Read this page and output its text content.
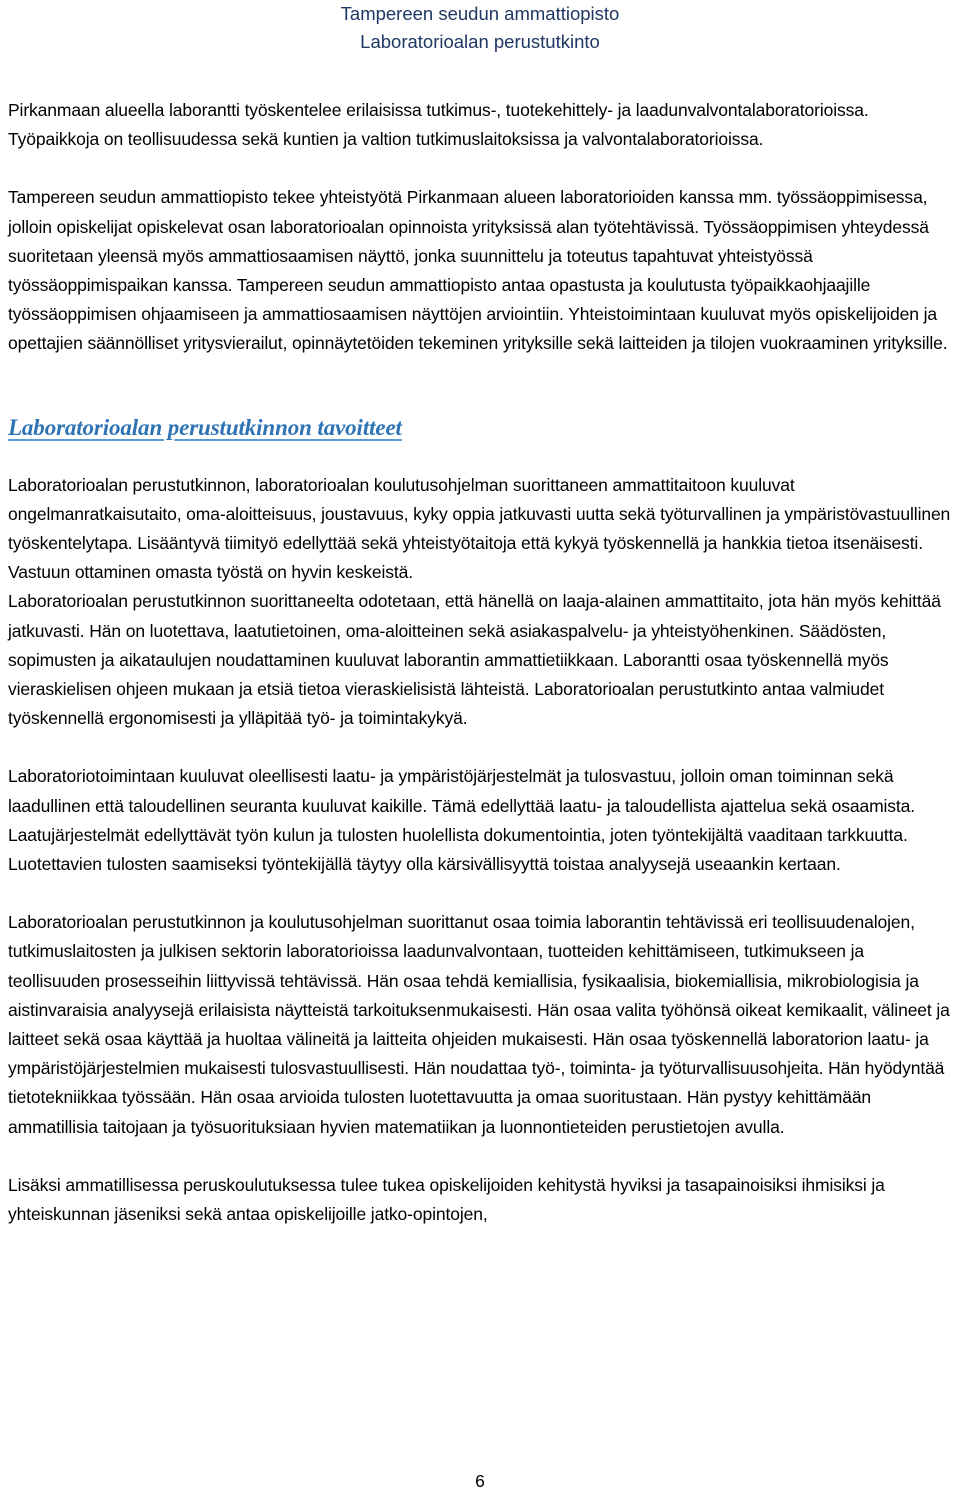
Tampereen seudun ammattiopisto
Laboratorioalan perustutkinto

Pirkanmaan alueella laborantti työskentelee erilaisissa tutkimus-, tuotekehittely- ja laadunvalvontalaboratorioissa. Työpaikkoja on teollisuudessa sekä kuntien ja valtion tutkimuslaitoksissa ja valvontalaboratorioissa.

Tampereen seudun ammattiopisto tekee yhteistyötä Pirkanmaan alueen laboratorioiden kanssa mm. työssäoppimisessa, jolloin opiskelijat opiskelevat osan laboratorioalan opinnoista yrityksissä alan työtehtävissä. Työssäoppimisen yhteydessä suoritetaan yleensä myös ammattiosaamisen näyttö, jonka suunnittelu ja toteutus tapahtuvat yhteistyössä työssäoppimispaikan kanssa. Tampereen seudun ammattiopisto antaa opastusta ja koulutusta työpaikkaohjaajille työssäoppimisen ohjaamiseen ja ammattiosaamisen näyttöjen arviointiin. Yhteistoimintaan kuuluvat myös opiskelijoiden ja opettajien säännölliset yritysvierailut, opinnäytetöiden tekeminen yrityksille sekä laitteiden ja tilojen vuokraaminen yrityksille.

Laboratorioalan perustutkinnon tavoitteet

Laboratorioalan perustutkinnon, laboratorioalan koulutusohjelman suorittaneen ammattitaitoon kuuluvat ongelmanratkaisutaito, oma-aloitteisuus, joustavuus, kyky oppia jatkuvasti uutta sekä työturvallinen ja ympäristövastuullinen työskentelytapa. Lisääntyvä tiimityö edellyttää sekä yhteistyötaitoja että kykyä työskennellä ja hankkia tietoa itsenäisesti. Vastuun ottaminen omasta työstä on hyvin keskeistä.

Laboratorioalan perustutkinnon suorittaneelta odotetaan, että hänellä on laaja-alainen ammattitaito, jota hän myös kehittää jatkuvasti. Hän on luotettava, laatutietoinen, oma-aloitteinen sekä asiakaspalvelu- ja yhteistyöhenkinen. Säädösten, sopimusten ja aikataulujen noudattaminen kuuluvat laborantin ammattietiikkaan. Laborantti osaa työskennellä myös vieraskielisen ohjeen mukaan ja etsiä tietoa vieraskielisistä lähteistä. Laboratorioalan perustutkinto antaa valmiudet työskennellä ergonomisesti ja ylläpitää työ- ja toimintakykyä.

Laboratoriotoimintaan kuuluvat oleellisesti laatu- ja ympäristöjärjestelmät ja tulosvastuu, jolloin oman toiminnan sekä laadullinen että taloudellinen seuranta kuuluvat kaikille. Tämä edellyttää laatu- ja taloudellista ajattelua sekä osaamista. Laatujärjestelmät edellyttävät työn kulun ja tulosten huolellista dokumentointia, joten työntekijältä vaaditaan tarkkuutta. Luotettavien tulosten saamiseksi työntekijällä täytyy olla kärsivällisyyttä toistaa analyysejä useaankin kertaan.

Laboratorioalan perustutkinnon ja koulutusohjelman suorittanut osaa toimia laborantin tehtävissä eri teollisuudenalojen, tutkimuslaitosten ja julkisen sektorin laboratorioissa laadunvalvontaan, tuotteiden kehittämiseen, tutkimukseen ja teollisuuden prosesseihin liittyvissä tehtävissä. Hän osaa tehdä kemiallisia, fysikaalisia, biokemiallisia, mikrobiologisia ja aistinvaraisia analyysejä erilaisista näytteistä tarkoituksenmukaisesti. Hän osaa valita työhönsä oikeat kemikaalit, välineet ja laitteet sekä osaa käyttää ja huoltaa välineitä ja laitteita ohjeiden mukaisesti. Hän osaa työskennellä laboratorion laatu- ja ympäristöjärjestelmien mukaisesti tulosvastuullisesti. Hän noudattaa työ-, toiminta- ja työturvallisuusohjeita. Hän hyödyntää tietotekniikkaa työssään. Hän osaa arvioida tulosten luotettavuutta ja omaa suoritustaan. Hän pystyy kehittämään ammatillisia taitojaan ja työsuorituksiaan hyvien matematiikan ja luonnontieteiden perustietojen avulla.

Lisäksi ammatillisessa peruskoulutuksessa tulee tukea opiskelijoiden kehitystä hyviksi ja tasapainoisiksi ihmisiksi ja yhteiskunnan jäseniksi sekä antaa opiskelijoille jatko-opintojen,

6
